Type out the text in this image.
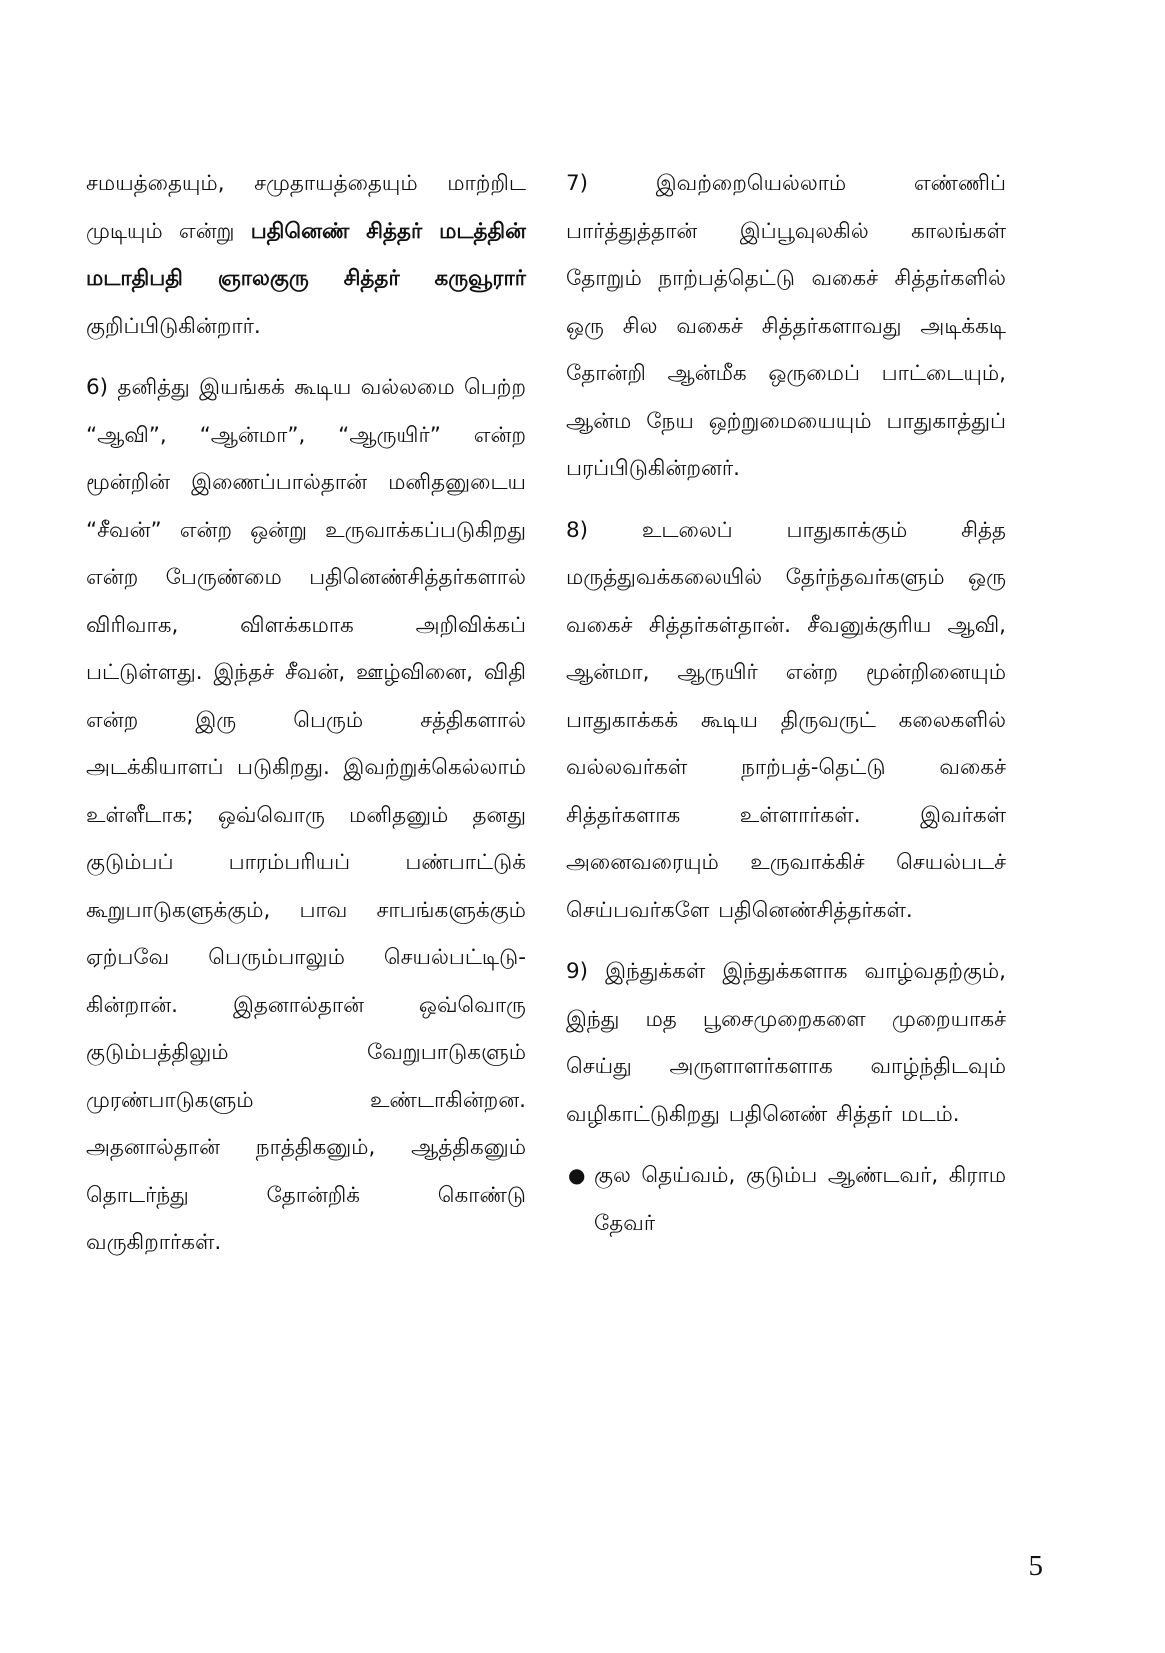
சமயத்தையும், சமுதாயத்தையும் மாற்றிட முடியும் என்று பதினெண் சித்தர் மடத்தின் மடாதிபதி ஞாலகுரு சித்தர் கருவூரார் குறிப்பிடுகின்றார்.

6) தனித்து இயங்கக் கூடிய வல்லமை பெற்ற “ஆவி”, “ஆன்மா”, “ஆருயிர்” என்ற மூன்றின் இணைப்பால்தான் மனிதனுடைய “சீவன்” என்ற ஒன்று உருவாக்கப்படுகிறது என்ற பேருண்மை பதினெண்சித்தர்களால் விரிவாக, விளக்கமாக அறிவிக்கப் பட்டுள்ளது. இந்தச் சீவன், ஊழ்வினை, விதி என்ற இரு பெரும் சத்திகளால் அடக்கியாளப் படுகிறது. இவற்றுக்கெல்லாம் உள்ளீடாக; ஒவ்வொரு மனிதனும் தனது குடும்பப் பாரம்பரியப் பண்பாட்டுக் கூறுபாடுகளுக்கும், பாவ சாபங்களுக்கும் ஏற்பவே பெரும்பாலும் செயல்பட்டிடு-கின்றான். இதனால்தான் ஒவ்வொரு குடும்பத்திலும் வேறுபாடுகளும் முரண்பாடுகளும் உண்டாகின்றன. அதனால்தான் நாத்திகனும், ஆத்திகனும் தொடர்ந்து தோன்றிக் கொண்டு வருகிறார்கள்.

7) இவற்றையெல்லாம் எண்ணிப் பார்த்துத்தான் இப்பூவுலகில் காலங்கள் தோறும் நாற்பத்தெட்டு வகைச் சித்தர்களில் ஒரு சில வகைச் சித்தர்களாவது அடிக்கடி தோன்றி ஆன்மீக ஒருமைப் பாட்டையும், ஆன்ம நேய ஒற்றுமையையும் பாதுகாத்துப் பரப்பிடுகின்றனர்.

8) உடலைப் பாதுகாக்கும் சித்த மருத்துவக்கலையில் தேர்ந்தவர்களும் ஒரு வகைச் சித்தர்கள்தான். சீவனுக்குரிய ஆவி, ஆன்மா, ஆருயிர் என்ற மூன்றினையும் பாதுகாக்கக் கூடிய திருவருட் கலைகளில் வல்லவர்கள் நாற்பத்-தெட்டு வகைச் சித்தர்களாக உள்ளார்கள். இவர்கள் அனைவரையும் உருவாக்கிச் செயல்படச் செய்பவர்களே பதினெண்சித்தர்கள்.

9) இந்துக்கள் இந்துக்களாக வாழ்வதற்கும், இந்து மத பூசைமுறைகளை முறையாகச் செய்து அருளாளர்களாக வாழ்ந்திடவும் வழிகாட்டுகிறது பதினெண் சித்தர் மடம்.

● குல தெய்வம், குடும்ப ஆண்டவர், கிராம தேவர்

5
